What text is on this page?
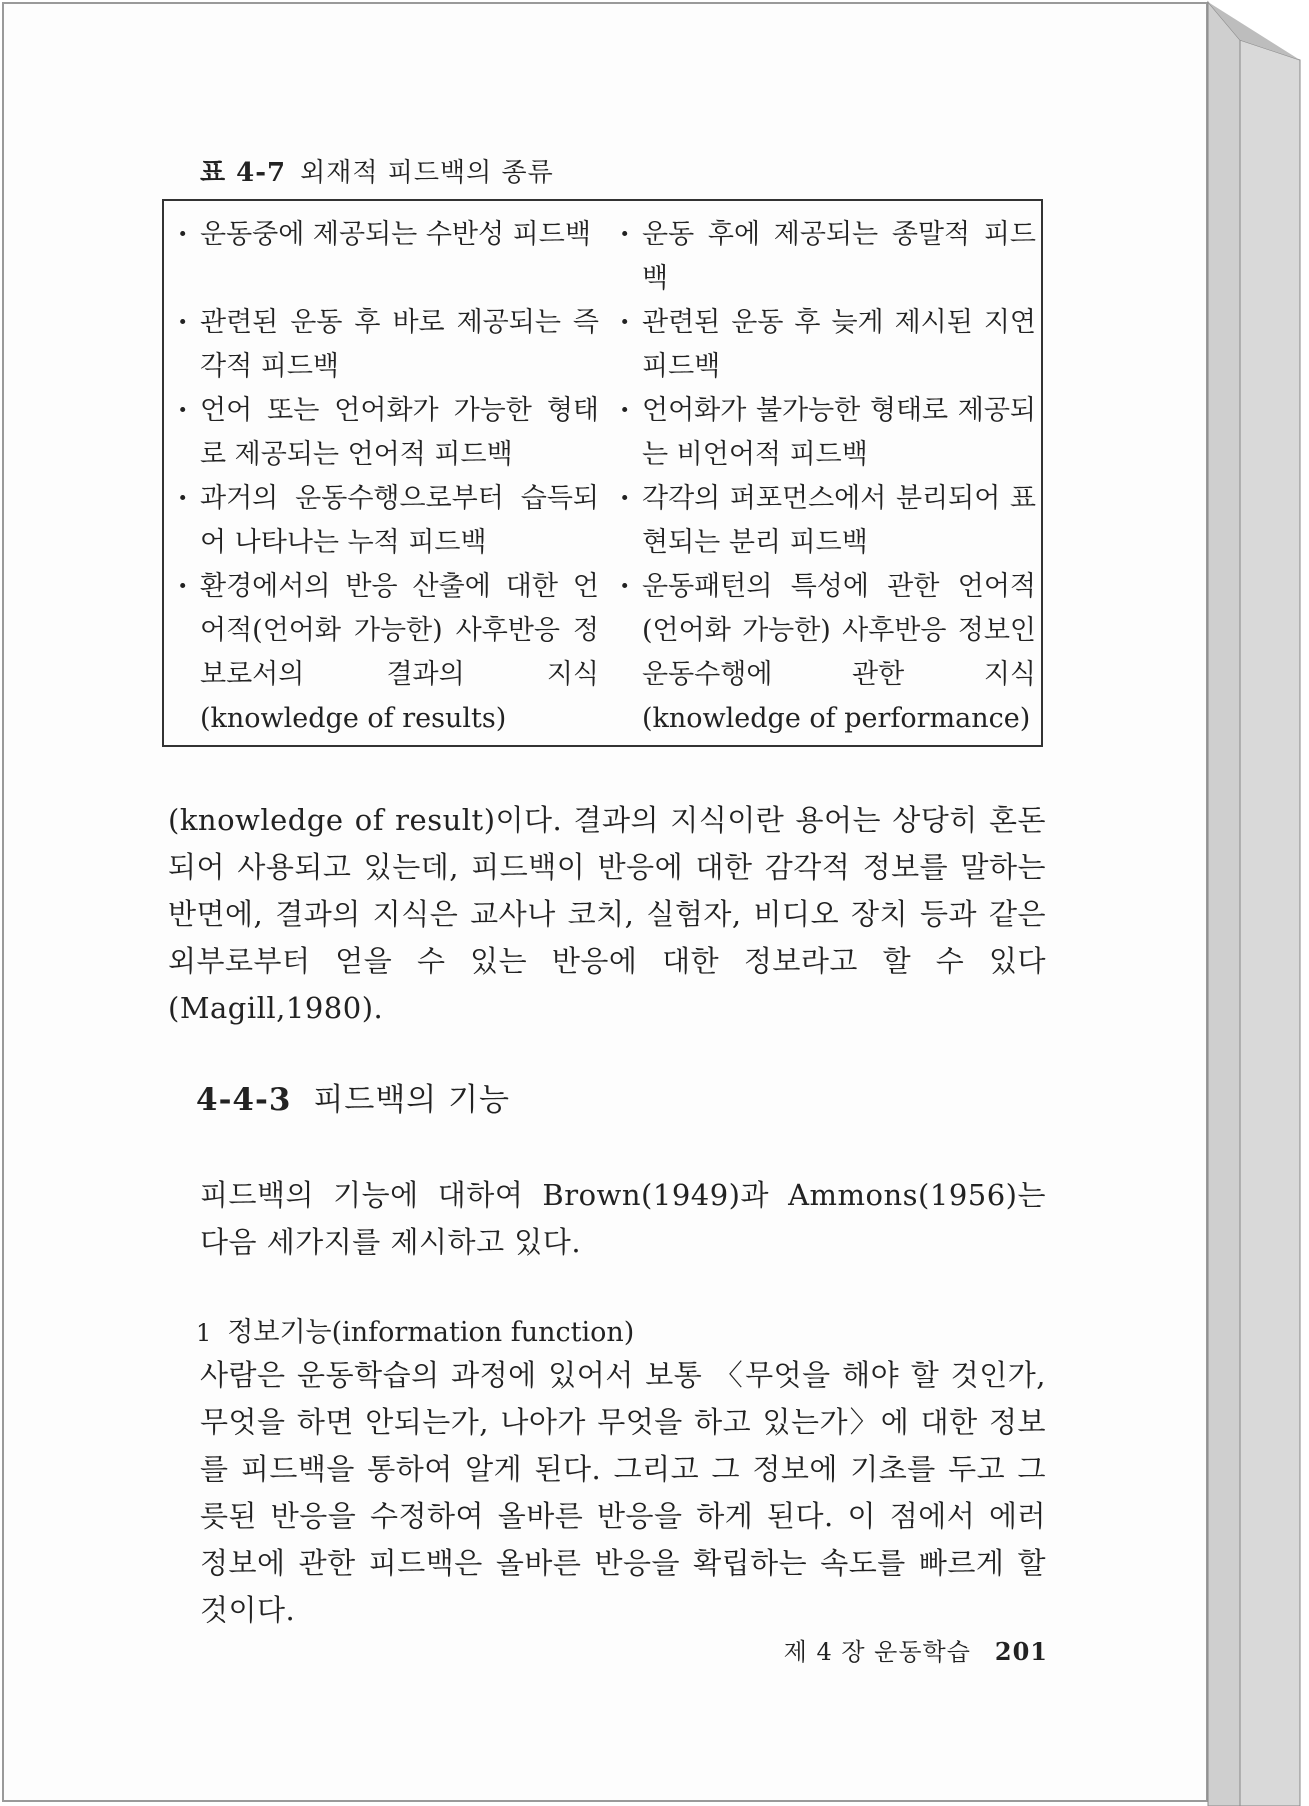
표 4-7 외재적 피드백의 종류
· 운동중에 제공되는 수반성 피드백
· 관련된 운동 후 바로 제공되는 즉각적 피드백
· 언어 또는 언어화가 가능한 형태로 제공되는 언어적 피드백
· 과거의 운동수행으로부터 습득되어 나타나는 누적 피드백
· 환경에서의 반응 산출에 대한 언어적(언어화 가능한) 사후반응 정보로서의 결과의 지식(knowledge of results)
· 운동 후에 제공되는 종말적 피드백
· 관련된 운동 후 늦게 제시된 지연 피드백
· 언어화가 불가능한 형태로 제공되는 비언어적 피드백
· 각각의 퍼포먼스에서 분리되어 표현되는 분리 피드백
· 운동패턴의 특성에 관한 언어적(언어화 가능한) 사후반응 정보인 운동수행에 관한 지식(knowledge of performance)
(knowledge of result)이다. 결과의 지식이란 용어는 상당히 혼돈되어 사용되고 있는데, 피드백이 반응에 대한 감각적 정보를 말하는 반면에, 결과의 지식은 교사나 코치, 실험자, 비디오 장치 등과 같은 외부로부터 얻을 수 있는 반응에 대한 정보라고 할 수 있다(Magill,1980).
4-4-3 피드백의 기능
피드백의 기능에 대하여 Brown(1949)과 Ammons(1956)는 다음 세가지를 제시하고 있다.
1 정보기능(information function)
사람은 운동학습의 과정에 있어서 보통 〈무엇을 해야 할 것인가, 무엇을 하면 안되는가, 나아가 무엇을 하고 있는가〉에 대한 정보를 피드백을 통하여 알게 된다. 그리고 그 정보에 기초를 두고 그릇된 반응을 수정하여 올바른 반응을 하게 된다. 이 점에서 에러 정보에 관한 피드백은 올바른 반응을 확립하는 속도를 빠르게 할 것이다.
제 4 장 운동학습 201
